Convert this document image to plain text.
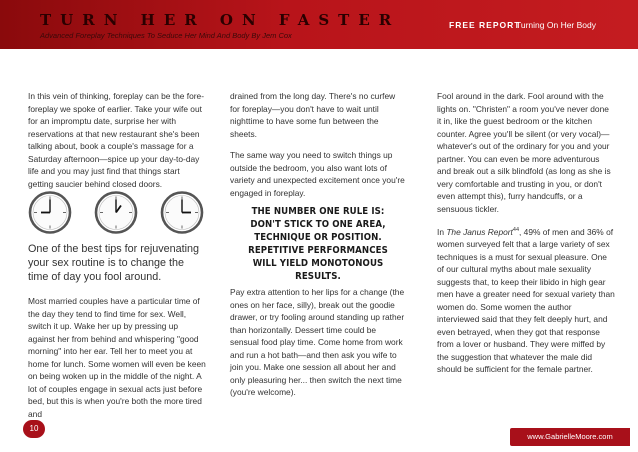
TURN HER ON FASTER
Advanced Foreplay Techniques To Seduce Her Mind And Body By Jem Cox
FREE REPORT
Turning On Her Body

In this vein of thinking, foreplay can be the fore-foreplay we spoke of earlier. Take your wife out for an impromptu date, surprise her with reservations at that new restaurant she's been talking about, book a couple's massage for a Saturday afternoon—spice up your day-to-day life and you may just find that things start getting saucier behind closed doors.

One of the best tips for rejuvenating your sex routine is to change the time of day you fool around.

Most married couples have a particular time of the day they tend to find time for sex. Well, switch it up. Wake her up by pressing up against her from behind and whispering "good morning" into her ear. Tell her to meet you at home for lunch. Some women will even be keen on being woken up in the middle of the night. A lot of couples engage in sexual acts just before bed, but this is when you're both the more tired and

drained from the long day. There's no curfew for foreplay—you don't have to wait until nighttime to have some fun between the sheets.

The same way you need to switch things up outside the bedroom, you also want lots of variety and unexpected excitement once you're engaged in foreplay.

THE NUMBER ONE RULE IS: DON'T STICK TO ONE AREA, TECHNIQUE OR POSITION. REPETITIVE PERFORMANCES WILL YIELD MONOTONOUS RESULTS.

Pay extra attention to her lips for a change (the ones on her face, silly), break out the goodie drawer, or try fooling around standing up rather than horizontally. Dessert time could be sensual food play time. Come home from work and run a hot bath—and then ask you wife to join you. Make one session all about her and only pleasuring her... then switch the next time (you're welcome).

Fool around in the dark. Fool around with the lights on. "Christen" a room you've never done it in, like the guest bedroom or the kitchen counter. Agree you'll be silent (or very vocal)—whatever's out of the ordinary for you and your partner. You can even be more adventurous and break out a silk blindfold (as long as she is very comfortable and trusting in you, or don't even attempt this), furry handcuffs, or a sensuous tickler.

In The Janus Report$^{44}$, 49% of men and 36% of women surveyed felt that a large variety of sex techniques is a must for sexual pleasure. One of our cultural myths about male sexuality suggests that, to keep their libido in high gear men have a greater need for sexual variety than women do. Some women the author interviewed said that they felt deeply hurt, and even betrayed, when they got that response from a lover or husband. They were miffed by the suggestion that whatever the male did should be sufficient for the female partner.

10
www.GabrielleMoore.com
